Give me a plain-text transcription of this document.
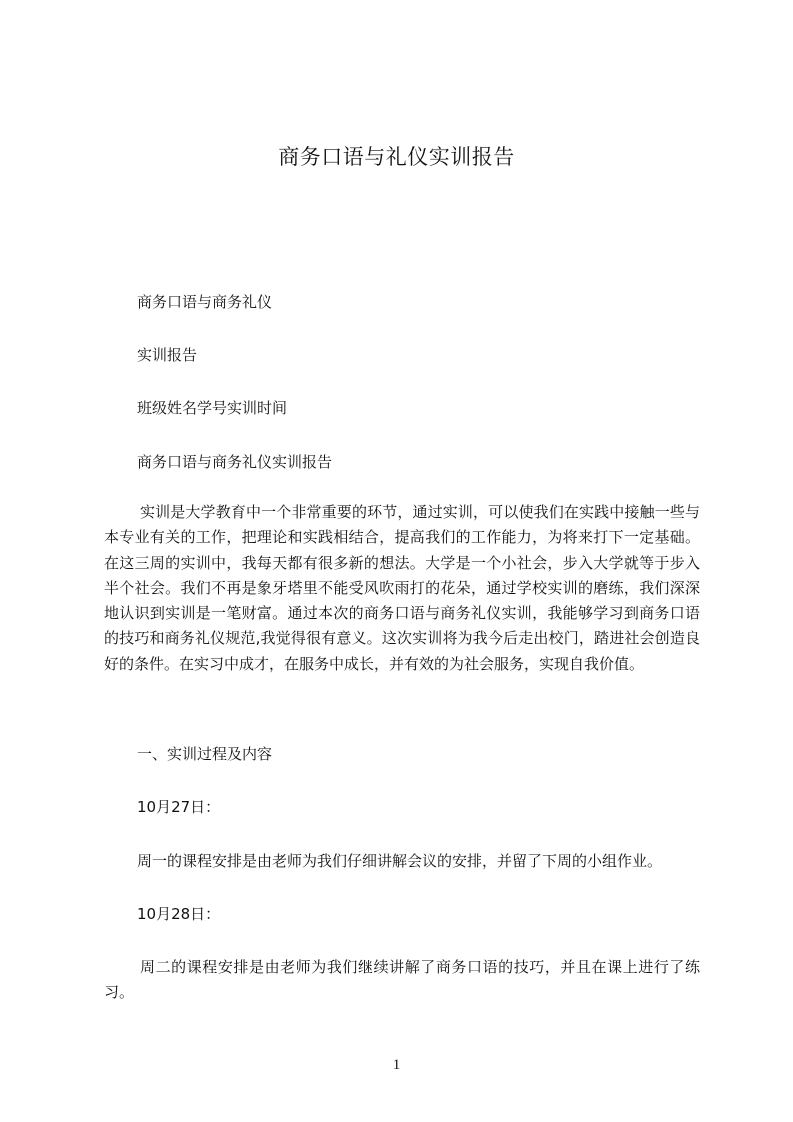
商务口语与礼仪实训报告
商务口语与商务礼仪
实训报告
班级姓名学号实训时间
商务口语与商务礼仪实训报告
实训是大学教育中一个非常重要的环节，通过实训，可以使我们在实践中接触一些与本专业有关的工作，把理论和实践相结合，提高我们的工作能力，为将来打下一定基础。在这三周的实训中，我每天都有很多新的想法。大学是一个小社会，步入大学就等于步入半个社会。我们不再是象牙塔里不能受风吹雨打的花朵，通过学校实训的磨练，我们深深地认识到实训是一笔财富。通过本次的商务口语与商务礼仪实训，我能够学习到商务口语的技巧和商务礼仪规范,我觉得很有意义。这次实训将为我今后走出校门，踏进社会创造良好的条件。在实习中成才，在服务中成长，并有效的为社会服务，实现自我价值。
一、实训过程及内容
10月27日：
周一的课程安排是由老师为我们仔细讲解会议的安排，并留了下周的小组作业。
10月28日：
周二的课程安排是由老师为我们继续讲解了商务口语的技巧，并且在课上进行了练习。
1
